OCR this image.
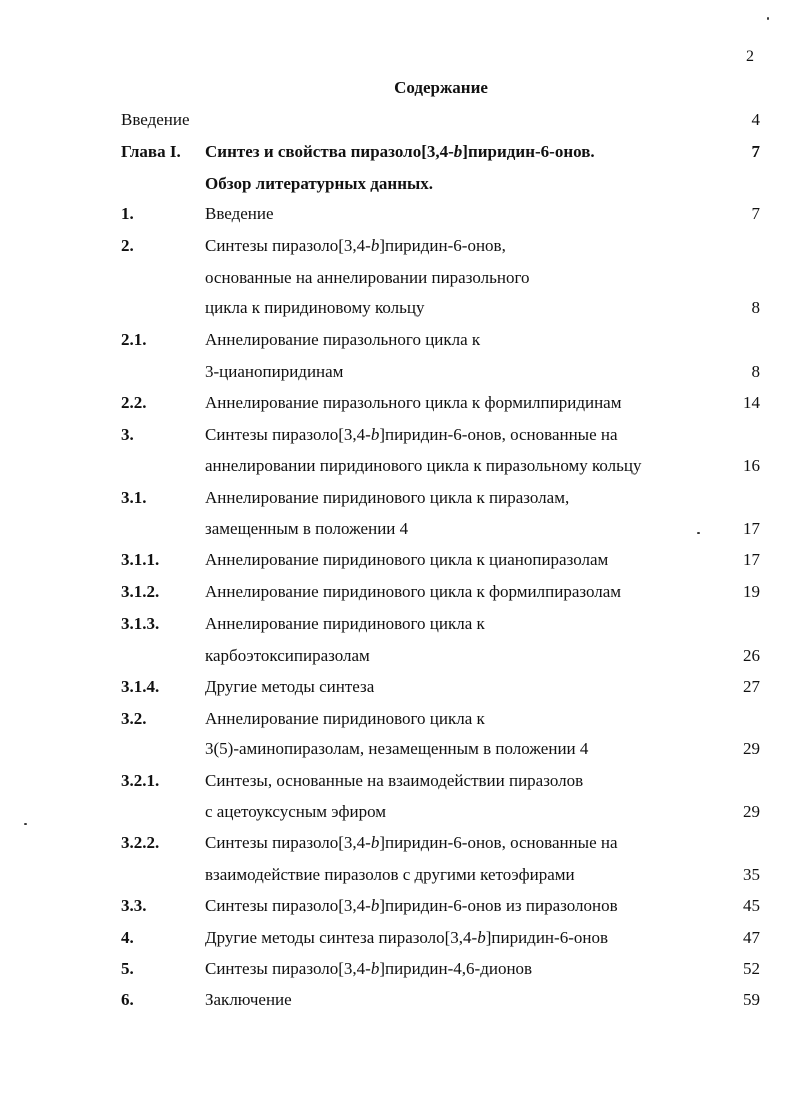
2
Содержание
Введение	4
Глава I. Синтез и свойства пиразоло[3,4-b]пиридин-6-онов.	7
Обзор литературных данных.
1.	Введение	7
2.	Синтезы пиразоло[3,4-b]пиридин-6-онов,
основанные на аннелировании пиразольного
цикла к пиридиновому кольцу	8
2.1.	Аннелирование пиразольного цикла к
3-цианопиридинам	8
2.2.	Аннелирование пиразольного цикла к формилпиридинам	14
3.	Синтезы пиразоло[3,4-b]пиридин-6-онов, основанные на
аннелировании пиридинового цикла к пиразольному кольцу	16
3.1.	Аннелирование пиридинового цикла к пиразолам,
замещенным в положении 4	17
3.1.1.	Аннелирование пиридинового цикла к цианопиразолам	17
3.1.2.	Аннелирование пиридинового цикла к формилпиразолам	19
3.1.3.	Аннелирование пиридинового цикла к
карбоэтоксипиразолам	26
3.1.4.	Другие методы синтеза	27
3.2.	Аннелирование пиридинового цикла к
3(5)-аминопиразолам, незамещенным в положении 4	29
3.2.1.	Синтезы, основанные на взаимодействии пиразолов
с ацетоуксусным эфиром	29
3.2.2.	Синтезы пиразоло[3,4-b]пиридин-6-онов, основанные на
взаимодействие пиразолов с другими кетоэфирами	35
3.3.	Синтезы пиразоло[3,4-b]пиридин-6-онов из пиразолонов	45
4.	Другие методы синтеза пиразоло[3,4-b]пиридин-6-онов	47
5.	Синтезы пиразоло[3,4-b]пиридин-4,6-дионов	52
6.	Заключение	59
